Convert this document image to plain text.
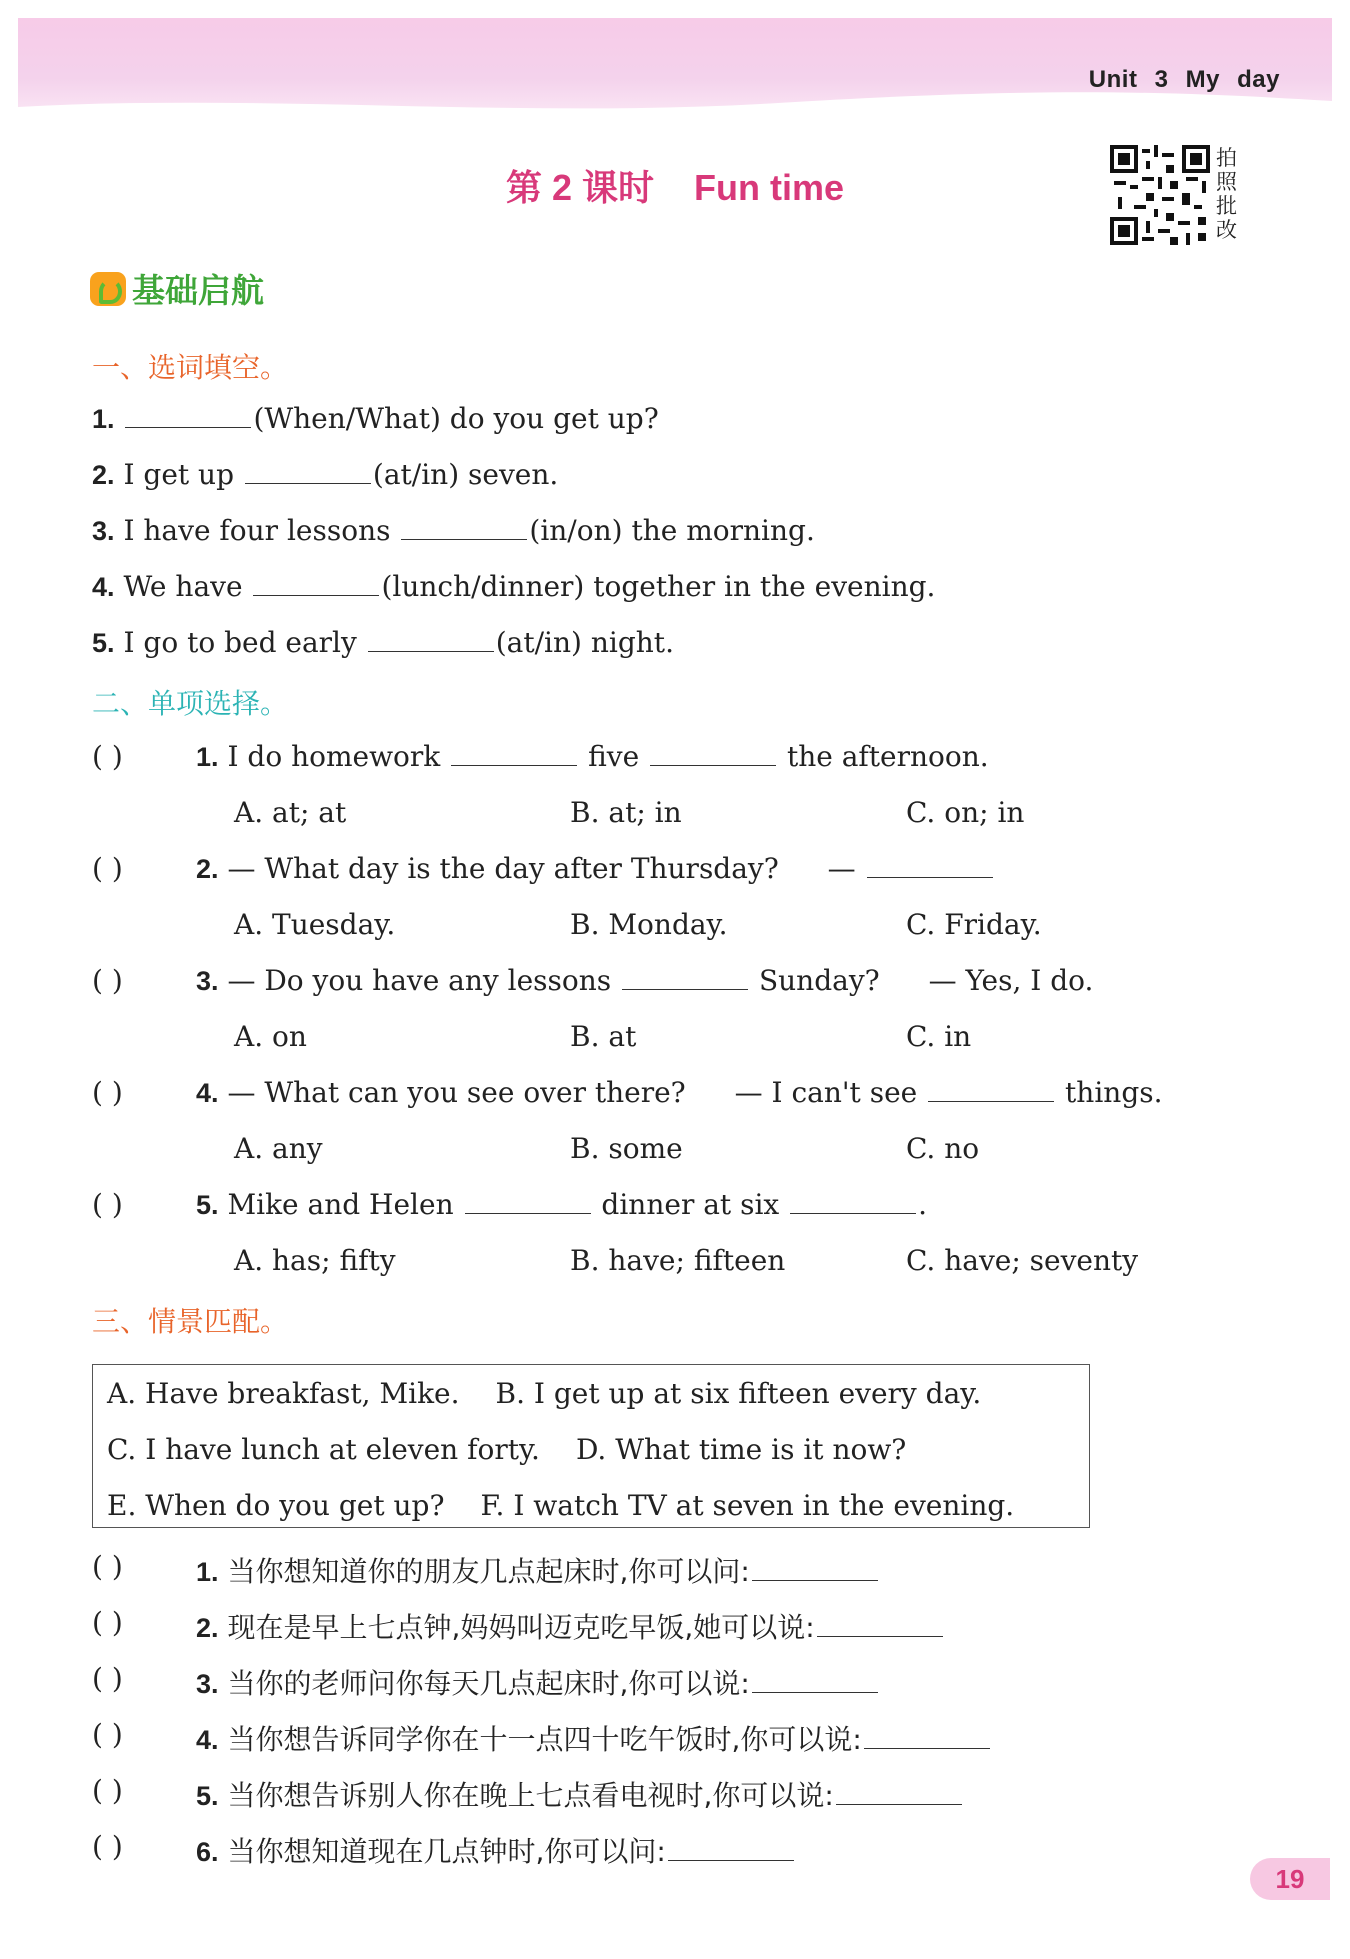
Unit 3 My day
第 2 课时 Fun time
拍照批改
基础启航
一、选词填空。
1.	(When/What) do you get up?
2. I get up	(at/in) seven.
3. I have four lessons	(in/on) the morning.
4. We have	(lunch/dinner) together in the evening.
5. I go to bed early	(at/in) night.
二、单项选择。
( )	1. I do homework	five	the afternoon.
A. at; at	B. at; in	C. on; in
( )	2. — What day is the day after Thursday? —
A. Tuesday.	B. Monday.	C. Friday.
( )	3. — Do you have any lessons	Sunday? — Yes, I do.
A. on	B. at	C. in
( )	4. — What can you see over there? — I can't see	things.
A. any	B. some	C. no
( )	5. Mike and Helen	dinner at six	.
A. has; fifty	B. have; fifteen	C. have; seventy
三、情景匹配。
A. Have breakfast, Mike. B. I get up at six fifteen every day.
C. I have lunch at eleven forty. D. What time is it now?
E. When do you get up? F. I watch TV at seven in the evening.
( )	1. 当你想知道你的朋友几点起床时,你可以问:
( )	2. 现在是早上七点钟,妈妈叫迈克吃早饭,她可以说:
( )	3. 当你的老师问你每天几点起床时,你可以说:
( )	4. 当你想告诉同学你在十一点四十吃午饭时,你可以说:
( )	5. 当你想告诉别人你在晚上七点看电视时,你可以说:
( )	6. 当你想知道现在几点钟时,你可以问:
19
